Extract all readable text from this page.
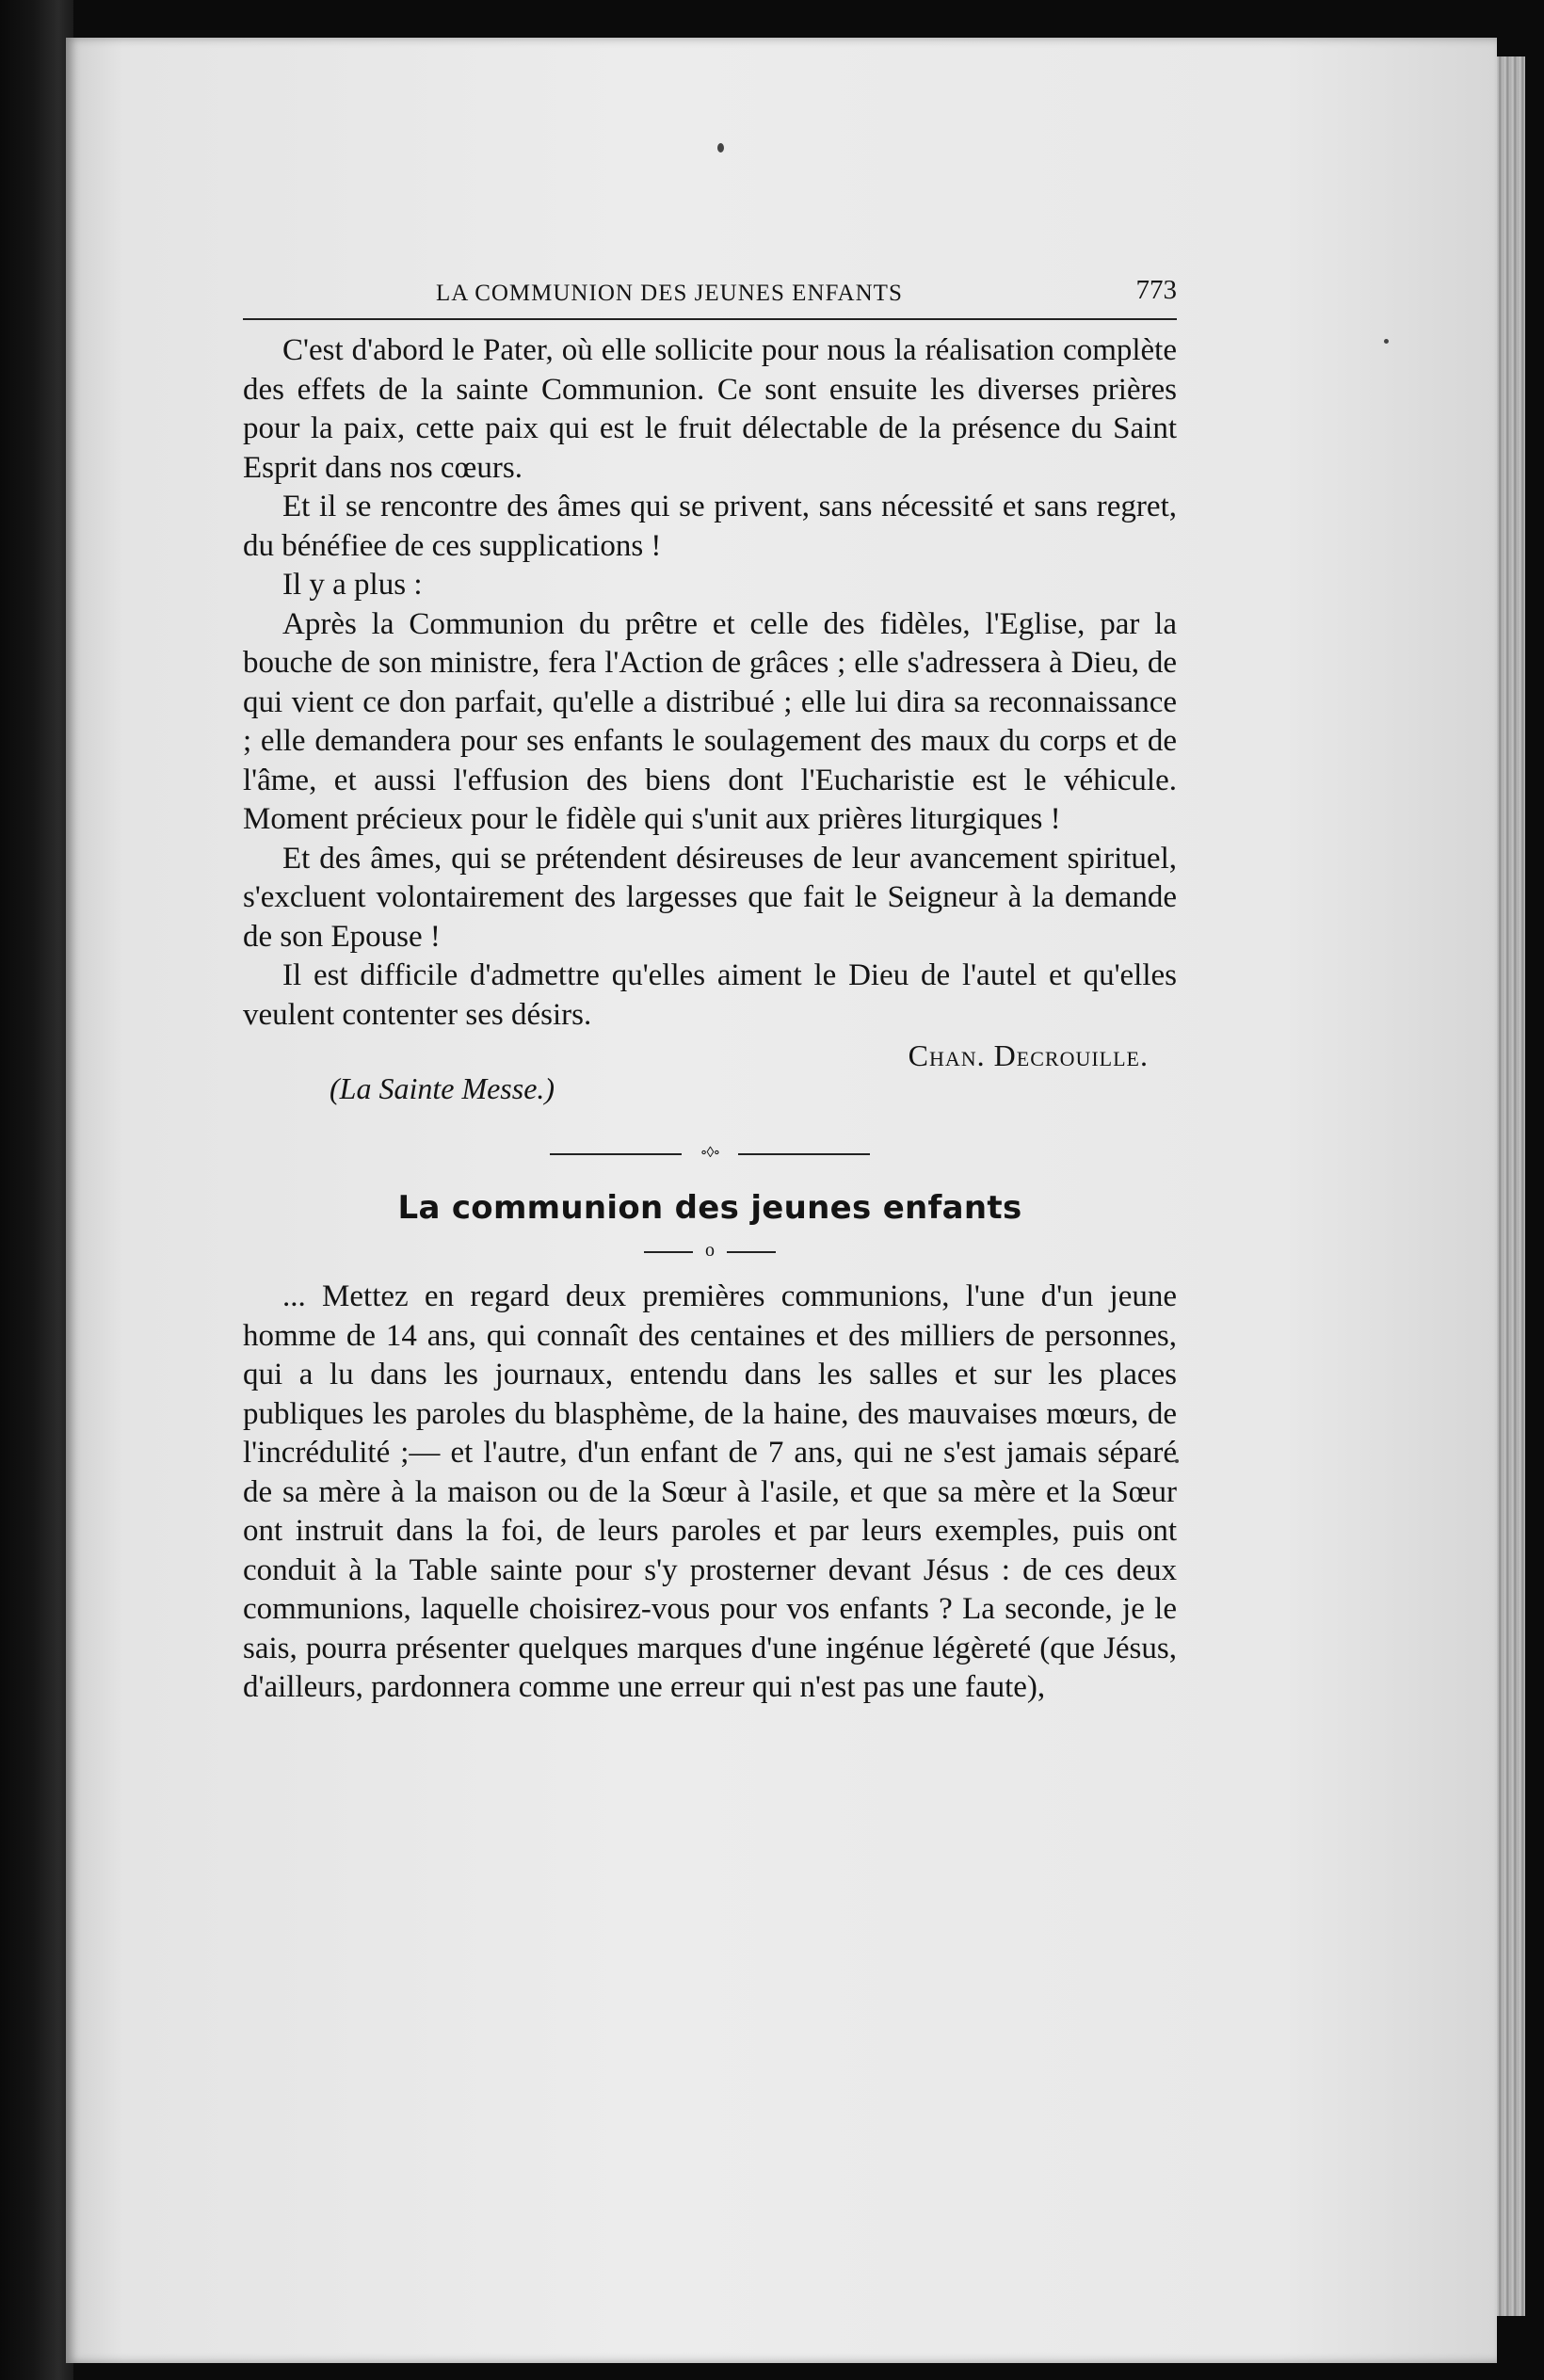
LA COMMUNION DES JEUNES ENFANTS	773

C'est d'abord le Pater, où elle sollicite pour nous la réalisation complète des effets de la sainte Communion. Ce sont ensuite les diverses prières pour la paix, cette paix qui est le fruit délectable de la présence du Saint Esprit dans nos cœurs.

Et il se rencontre des âmes qui se privent, sans nécessité et sans regret, du bénéfiee de ces supplications !

Il y a plus :

Après la Communion du prêtre et celle des fidèles, l'Eglise, par la bouche de son ministre, fera l'Action de grâces ; elle s'adressera à Dieu, de qui vient ce don parfait, qu'elle a distribué ; elle lui dira sa reconnaissance ; elle demandera pour ses enfants le soulagement des maux du corps et de l'âme, et aussi l'effusion des biens dont l'Eucharistie est le véhicule. Moment précieux pour le fidèle qui s'unit aux prières liturgiques !

Et des âmes, qui se prétendent désireuses de leur avancement spirituel, s'excluent volontairement des largesses que fait le Seigneur à la demande de son Epouse !

Il est difficile d'admettre qu'elles aiment le Dieu de l'autel et qu'elles veulent contenter ses désirs.

Chan. Decrouille.
(La Sainte Messe.)
∘◊∘
La communion des jeunes enfants
o

... Mettez en regard deux premières communions, l'une d'un jeune homme de 14 ans, qui connaît des centaines et des milliers de personnes, qui a lu dans les journaux, entendu dans les salles et sur les places publiques les paroles du blasphème, de la haine, des mauvaises mœurs, de l'incrédulité ;— et l'autre, d'un enfant de 7 ans, qui ne s'est jamais séparé de sa mère à la maison ou de la Sœur à l'asile, et que sa mère et la Sœur ont instruit dans la foi, de leurs paroles et par leurs exemples, puis ont conduit à la Table sainte pour s'y prosterner devant Jésus : de ces deux communions, laquelle choisirez-vous pour vos enfants ? La seconde, je le sais, pourra présenter quelques marques d'une ingénue légèreté (que Jésus, d'ailleurs, pardonnera comme une erreur qui n'est pas une faute),
